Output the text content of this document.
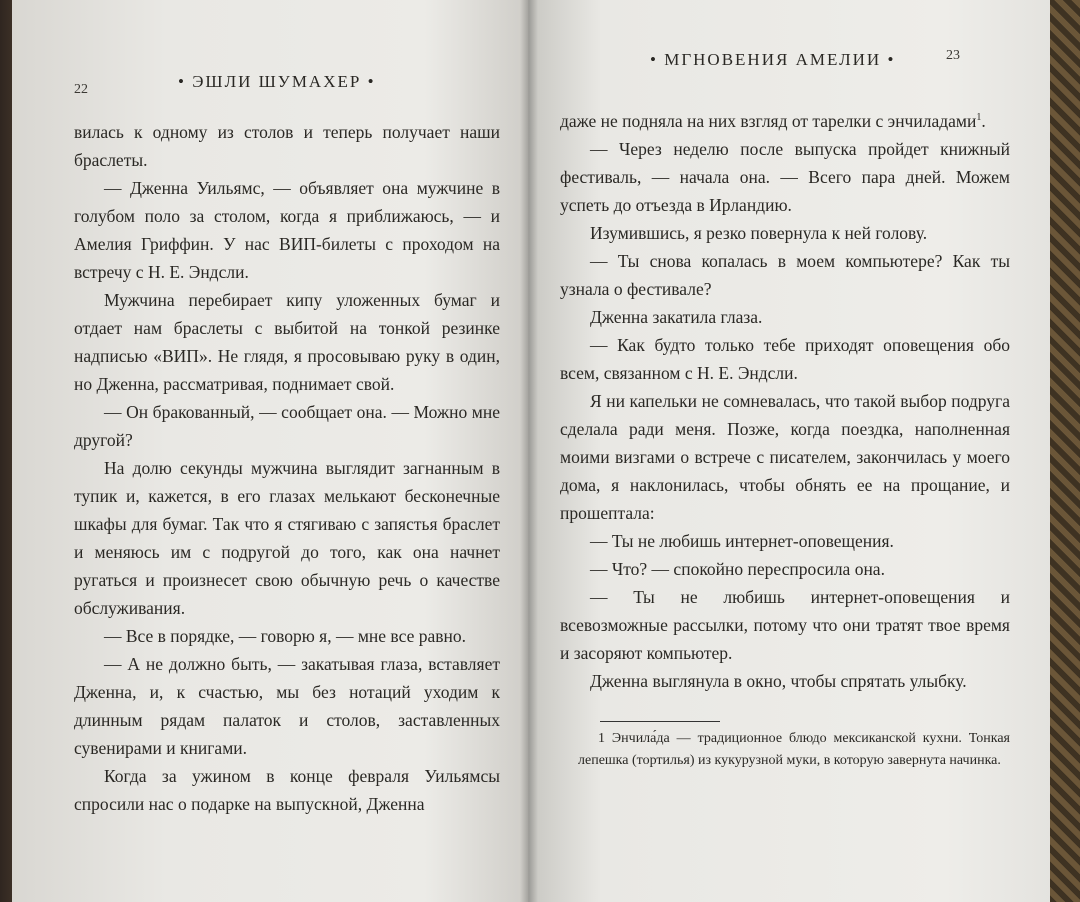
22	• ЭШЛИ ШУМАХЕР •

вилась к одному из столов и теперь получает наши браслеты.

— Дженна Уильямс, — объявляет она мужчине в голубом поло за столом, когда я приближаюсь, — и Амелия Гриффин. У нас ВИП-билеты с проходом на встречу с Н. Е. Эндсли.

Мужчина перебирает кипу уложенных бумаг и отдает нам браслеты с выбитой на тонкой резинке надписью «ВИП». Не глядя, я просовываю руку в один, но Дженна, рассматривая, поднимает свой.

— Он бракованный, — сообщает она. — Можно мне другой?

На долю секунды мужчина выглядит загнанным в тупик и, кажется, в его глазах мелькают бесконечные шкафы для бумаг. Так что я стягиваю с запястья браслет и меняюсь им с подругой до того, как она начнет ругаться и произнесет свою обычную речь о качестве обслуживания.

— Все в порядке, — говорю я, — мне все равно.

— А не должно быть, — закатывая глаза, вставляет Дженна, и, к счастью, мы без нотаций уходим к длинным рядам палаток и столов, заставленных сувенирами и книгами.

Когда за ужином в конце февраля Уильямсы спросили нас о подарке на выпускной, Дженна

• МГНОВЕНИЯ АМЕЛИИ •	23

даже не подняла на них взгляд от тарелки с энчиладами$^1$.

— Через неделю после выпуска пройдет книжный фестиваль, — начала она. — Всего пара дней. Можем успеть до отъезда в Ирландию.

Изумившись, я резко повернула к ней голову.

— Ты снова копалась в моем компьютере? Как ты узнала о фестивале?

Дженна закатила глаза.

— Как будто только тебе приходят оповещения обо всем, связанном с Н. Е. Эндсли.

Я ни капельки не сомневалась, что такой выбор подруга сделала ради меня. Позже, когда поездка, наполненная моими визгами о встрече с писателем, закончилась у моего дома, я наклонилась, чтобы обнять ее на прощание, и прошептала:

— Ты не любишь интернет-оповещения.

— Что? — спокойно переспросила она.

— Ты не любишь интернет-оповещения и всевозможные рассылки, потому что они тратят твое время и засоряют компьютер.

Дженна выглянула в окно, чтобы спрятать улыбку.

1 Энчила́да — традиционное блюдо мексиканской кухни. Тонкая лепешка (тортилья) из кукурузной муки, в которую завернута начинка.
